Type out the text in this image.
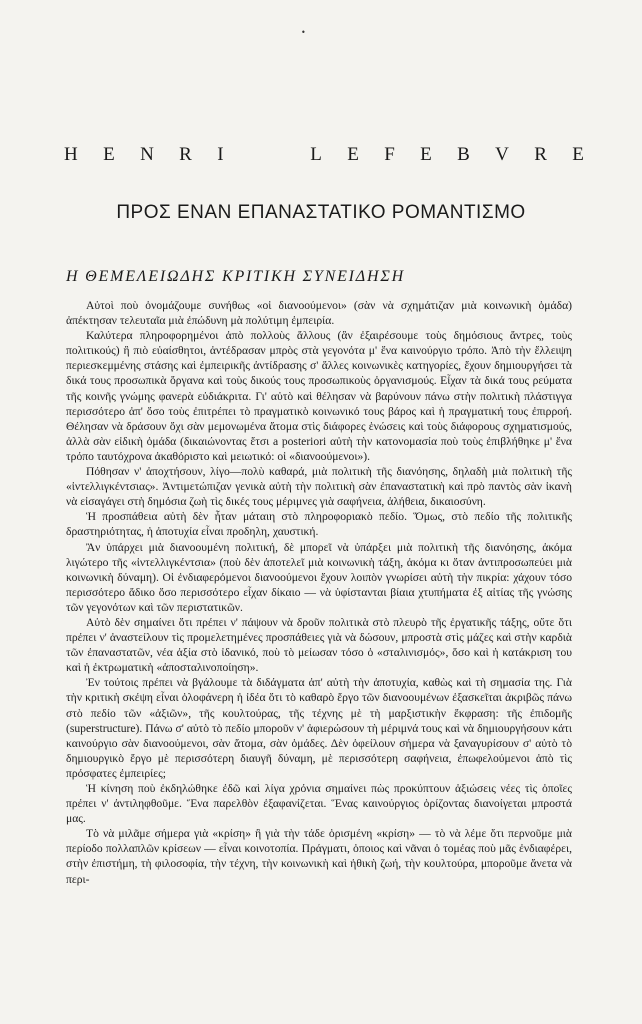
•
H E N R I	L E F E B V R E
ΠΡΟΣ ΕΝΑΝ ΕΠΑΝΑΣΤΑΤΙΚΟ ΡΟΜΑΝΤΙΣΜΟ
Η ΘΕΜΕΛΕΙΩΔΗΣ ΚΡΙΤΙΚΗ ΣΥΝΕΙΔΗΣΗ

Αὐτοὶ ποὺ ὀνομάζουμε συνήθως «οἱ διανοούμενοι» (σὰν νὰ σχημάτιζαν μιὰ κοινωνικὴ ὁμάδα) ἀπέκτησαν τελευταῖα μιὰ ἐπώδυνη μὰ πολύτιμη ἐμπειρία.

Καλύτερα πληροφορημένοι ἀπὸ πολλοὺς ἄλλους (ἂν ἐξαιρέσουμε τοὺς δημόσιους ἄντρες, τοὺς πολιτικούς) ἢ πιὸ εὐαίσθητοι, ἀντέδρασαν μπρὸς στὰ γεγονότα μ' ἕνα καινούργιο τρόπο. Ἀπὸ τὴν ἔλλειψη περιεσκεμμένης στάσης καὶ ἐμπειρικῆς ἀντίδρασης σ' ἄλλες κοινωνικὲς κατηγορίες, ἔχουν δημιουργήσει τὰ δικά τους προσωπικὰ ὄργανα καὶ τοὺς δικούς τους προσωπικοὺς ὀργανισμούς. Εἶχαν τὰ δικά τους ρεύματα τῆς κοινῆς γνώμης φανερὰ εὐδιάκριτα. Γι' αὐτὸ καὶ θέλησαν νὰ βαρύνουν πάνω στὴν πολιτικὴ πλάστιγγα περισσότερο ἀπ' ὅσο τοὺς ἐπιτρέπει τὸ πραγματικὸ κοινωνικό τους βάρος καὶ ἡ πραγματική τους ἐπιρροή. Θέλησαν νὰ δράσουν ὄχι σὰν μεμονωμένα ἄτομα στὶς διάφορες ἑνώσεις καὶ τοὺς διάφορους σχηματισμούς, ἀλλὰ σὰν εἰδικὴ ὁμάδα (δικαιώνοντας ἔτσι a posteriori αὐτὴ τὴν κατονομασία ποὺ τοὺς ἐπιβλήθηκε μ' ἕνα τρόπο ταυτόχρονα ἀκαθόριστο καὶ μειωτικό: οἱ «διανοούμενοι»).

Πόθησαν ν' ἀποχτήσουν, λίγο—πολὺ καθαρά, μιὰ πολιτικὴ τῆς διανόησης, δηλαδὴ μιὰ πολιτικὴ τῆς «ἰντελλιγκέντσιας». Ἀντιμετώπιζαν γενικὰ αὐτὴ τὴν πολιτικὴ σὰν ἐπαναστατικὴ καὶ πρὸ παντὸς σὰν ἱκανὴ νὰ εἰσαγάγει στὴ δημόσια ζωὴ τὶς δικές τους μέριμνες γιὰ σαφήνεια, ἀλήθεια, δικαιοσύνη.

Ἡ προσπάθεια αὐτὴ δὲν ἦταν μάταιη στὸ πληροφοριακὸ πεδίο. Ὅμως, στὸ πεδίο τῆς πολιτικῆς δραστηριότητας, ἡ ἀποτυχία εἶναι προδηλη, χαυστική.

Ἂν ὑπάρχει μιὰ διανοουμένη πολιτική, δὲ μπορεῖ νὰ ὑπάρξει μιὰ πολιτικὴ τῆς διανόησης, ἀκόμα λιγώτερο τῆς «ἰντελλιγκέντσια» (ποὺ δὲν ἀποτελεῖ μιὰ κοινωνικὴ τάξη, ἀκόμα κι ὅταν ἀντιπροσωπεύει μιὰ κοινωνικὴ δύναμη). Οἱ ἐνδιαφερόμενοι διανοούμενοι ἔχουν λοιπὸν γνωρίσει αὐτὴ τὴν πικρία: χάχουν τόσο περισσότερο ἄδικο ὅσο περισσότερο εἶχαν δίκαιο — νὰ ὑφίστανται βίαια χτυπήματα ἐξ αἰτίας τῆς γνώσης τῶν γεγονότων καὶ τῶν περιστατικῶν.

Αὐτὸ δὲν σημαίνει ὅτι πρέπει ν' πάψουν νὰ δροῦν πολιτικὰ στὸ πλευρὸ τῆς ἐργατικῆς τάξης, οὔτε ὅτι πρέπει ν' ἀναστείλουν τὶς προμελετημένες προσπάθειες γιὰ νὰ δώσουν, μπροστὰ στὶς μάζες καὶ στὴν καρδιὰ τῶν ἐπαναστατῶν, νέα ἀξία στὸ ἰδανικό, ποὺ τὸ μείωσαν τόσο ὁ «σταλινισμός», ὅσο καὶ ἡ κατάκριση του καὶ ἡ ἐκτρωματικὴ «ἀποσταλινοποίηση».

Ἐν τούτοις πρέπει νὰ βγάλουμε τὰ διδάγματα ἀπ' αὐτὴ τὴν ἀποτυχία, καθὼς καὶ τὴ σημασία της. Γιὰ τὴν κριτικὴ σκέψη εἶναι ὁλοφάνερη ἡ ἰδέα ὅτι τὸ καθαρὸ ἔργο τῶν διανοουμένων ἐξασκεῖται ἀκριβῶς πάνω στὸ πεδίο τῶν «ἀξιῶν», τῆς κουλτούρας, τῆς τέχνης μὲ τὴ μαρξιστικὴν ἔκφραση: τῆς ἐπιδομῆς (superstructure). Πάνω σ' αὐτὸ τὸ πεδίο μποροῦν ν' ἀφιερώσουν τὴ μέριμνά τους καὶ νὰ δημιουργήσουν κάτι καινούργιο σὰν διανοούμενοι, σὰν ἄτομα, σὰν ὁμάδες. Δὲν ὀφείλουν σήμερα νὰ ξαναγυρίσουν σ' αὐτὸ τὸ δημιουργικὸ ἔργο μὲ περισσότερη διαυγῆ δύναμη, μὲ περισσότερη σαφήνεια, ἐπωφελούμενοι ἀπὸ τὶς πρόσφατες ἐμπειρίες;

Ἡ κίνηση ποὺ ἐκδηλώθηκε ἐδῶ καὶ λίγα χρόνια σημαίνει πὼς προκύπτουν ἀξιώσεις νέες τὶς ὁποῖες πρέπει ν' ἀντιληφθοῦμε. Ἕνα παρελθὸν ἐξαφανίζεται. Ἕνας καινούργιος ὁρίζοντας διανοίγεται μπροστά μας.

Τὸ νὰ μιλᾶμε σήμερα γιὰ «κρίση» ἢ γιὰ τὴν τάδε ὁρισμένη «κρίση» — τὸ νὰ λέμε ὅτι περνοῦμε μιὰ περίοδο πολλαπλῶν κρίσεων — εἶναι κοινοτοπία. Πράγματι, ὁποιος καὶ νᾶναι ὁ τομέας ποὺ μᾶς ἐνδιαφέρει, στὴν ἐπιστήμη, τὴ φιλοσοφία, τὴν τέχνη, τὴν κοινωνικὴ καὶ ἠθικὴ ζωή, τὴν κουλτούρα, μποροῦμε ἄνετα νὰ περι-
